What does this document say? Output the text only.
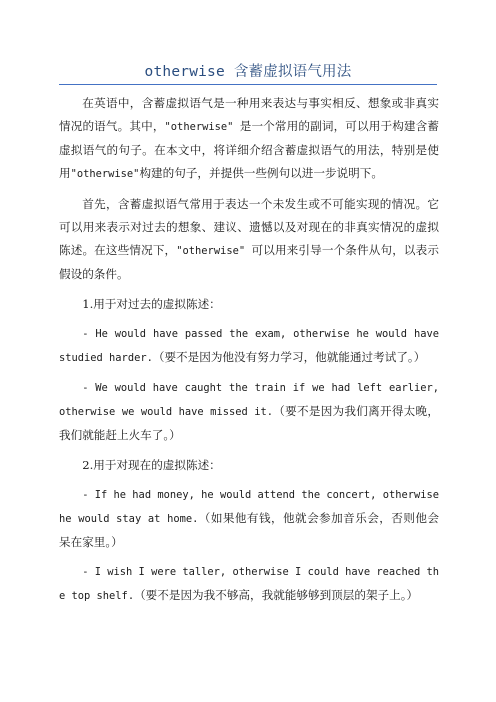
otherwise 含蓄虚拟语气用法

在英语中，含蓄虚拟语气是一种用来表达与事实相反、想象或非真实情况的语气。其中，"otherwise" 是一个常用的副词，可以用于构建含蓄虚拟语气的句子。在本文中，将详细介绍含蓄虚拟语气的用法，特别是使用"otherwise"构建的句子，并提供一些例句以进一步说明下。

首先，含蓄虚拟语气常用于表达一个未发生或不可能实现的情况。它可以用来表示对过去的想象、建议、遗憾以及对现在的非真实情况的虚拟陈述。在这些情况下，"otherwise" 可以用来引导一个条件从句，以表示假设的条件。

1.用于对过去的虚拟陈述：

- He would have passed the exam, otherwise he would have studied harder.（要不是因为他没有努力学习，他就能通过考试了。）

- We would have caught the train if we had left earlier, otherwise we would have missed it.（要不是因为我们离开得太晚，我们就能赶上火车了。）

2.用于对现在的虚拟陈述：

- If he had money, he would attend the concert, otherwise he would stay at home.（如果他有钱，他就会参加音乐会，否则他会呆在家里。）

- I wish I were taller, otherwise I could have reached the top shelf.（要不是因为我不够高，我就能够够到顶层的架子上。）
